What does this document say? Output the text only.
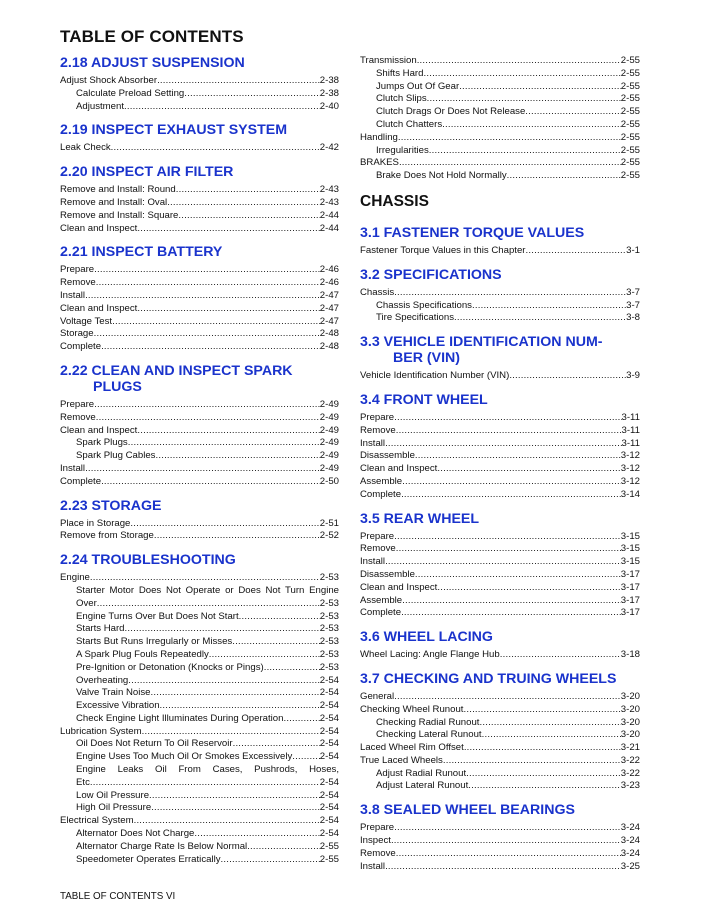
TABLE OF CONTENTS
2.18 ADJUST SUSPENSION
Adjust Shock Absorber .....	2-38
Calculate Preload Setting .....	2-38
Adjustment .....	2-40
2.19 INSPECT EXHAUST SYSTEM
Leak Check .....	2-42
2.20 INSPECT AIR FILTER
Remove and Install: Round .....	2-43
Remove and Install: Oval .....	2-43
Remove and Install: Square .....	2-44
Clean and Inspect .....	2-44
2.21 INSPECT BATTERY
Prepare .....	2-46
Remove .....	2-46
Install .....	2-47
Clean and Inspect .....	2-47
Voltage Test .....	2-47
Storage .....	2-48
Complete .....	2-48
2.22 CLEAN AND INSPECT SPARK
PLUGS
Prepare .....	2-49
Remove .....	2-49
Clean and Inspect .....	2-49
Spark Plugs .....	2-49
Spark Plug Cables .....	2-49
Install .....	2-49
Complete .....	2-50
2.23 STORAGE
Place in Storage .....	2-51
Remove from Storage .....	2-52
2.24 TROUBLESHOOTING
Engine .....	2-53
Starter Motor Does Not Operate or Does Not Turn Engine
Over .....	2-53
Engine Turns Over But Does Not Start .....	2-53
Starts Hard .....	2-53
Starts But Runs Irregularly or Misses .....	2-53
A Spark Plug Fouls Repeatedly .....	2-53
Pre-Ignition or Detonation (Knocks or Pings) .....	2-53
Overheating .....	2-54
Valve Train Noise .....	2-54
Excessive Vibration .....	2-54
Check Engine Light Illuminates During Operation .....	2-54
Lubrication System .....	2-54
Oil Does Not Return To Oil Reservoir .....	2-54
Engine Uses Too Much Oil Or Smokes Excessively .....	2-54
Engine Leaks Oil From Cases, Pushrods, Hoses,
Etc .....	2-54
Low Oil Pressure .....	2-54
High Oil Pressure .....	2-54
Electrical System .....	2-54
Alternator Does Not Charge .....	2-54
Alternator Charge Rate Is Below Normal .....	2-55
Speedometer Operates Erratically .....	2-55
Transmission .....	2-55
Shifts Hard .....	2-55
Jumps Out Of Gear .....	2-55
Clutch Slips .....	2-55
Clutch Drags Or Does Not Release .....	2-55
Clutch Chatters .....	2-55
Handling .....	2-55
Irregularities .....	2-55
BRAKES .....	2-55
Brake Does Not Hold Normally .....	2-55
CHASSIS
3.1 FASTENER TORQUE VALUES
Fastener Torque Values in this Chapter .....	3-1
3.2 SPECIFICATIONS
Chassis .....	3-7
Chassis Specifications .....	3-7
Tire Specifications .....	3-8
3.3 VEHICLE IDENTIFICATION NUM-
BER (VIN)
Vehicle Identification Number (VIN) .....	3-9
3.4 FRONT WHEEL
Prepare .....	3-11
Remove .....	3-11
Install .....	3-11
Disassemble .....	3-12
Clean and Inspect .....	3-12
Assemble .....	3-12
Complete .....	3-14
3.5 REAR WHEEL
Prepare .....	3-15
Remove .....	3-15
Install .....	3-15
Disassemble .....	3-17
Clean and Inspect .....	3-17
Assemble .....	3-17
Complete .....	3-17
3.6 WHEEL LACING
Wheel Lacing: Angle Flange Hub .....	3-18
3.7 CHECKING AND TRUING WHEELS
General .....	3-20
Checking Wheel Runout .....	3-20
Checking Radial Runout .....	3-20
Checking Lateral Runout .....	3-20
Laced Wheel Rim Offset .....	3-21
True Laced Wheels .....	3-22
Adjust Radial Runout .....	3-22
Adjust Lateral Runout .....	3-23
3.8 SEALED WHEEL BEARINGS
Prepare .....	3-24
Inspect .....	3-24
Remove .....	3-24
Install .....	3-25
TABLE OF CONTENTS VI
